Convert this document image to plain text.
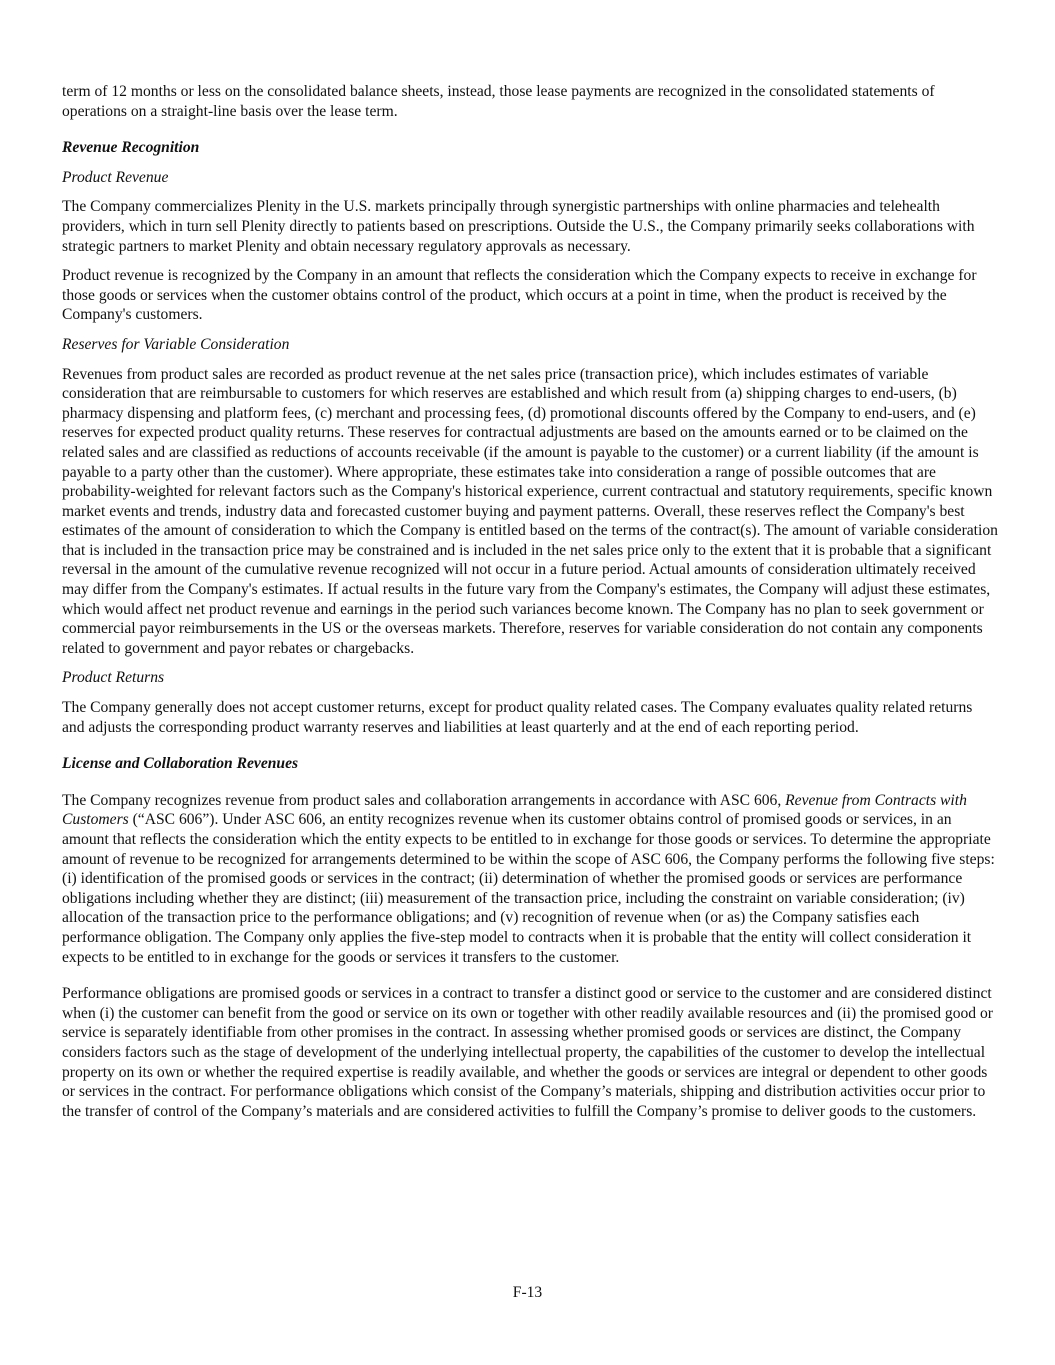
term of 12 months or less on the consolidated balance sheets, instead, those lease payments are recognized in the consolidated statements of operations on a straight-line basis over the lease term.

Revenue Recognition

Product Revenue

The Company commercializes Plenity in the U.S. markets principally through synergistic partnerships with online pharmacies and telehealth providers, which in turn sell Plenity directly to patients based on prescriptions. Outside the U.S., the Company primarily seeks collaborations with strategic partners to market Plenity and obtain necessary regulatory approvals as necessary.

Product revenue is recognized by the Company in an amount that reflects the consideration which the Company expects to receive in exchange for those goods or services when the customer obtains control of the product, which occurs at a point in time, when the product is received by the Company's customers.

Reserves for Variable Consideration

Revenues from product sales are recorded as product revenue at the net sales price (transaction price), which includes estimates of variable consideration that are reimbursable to customers for which reserves are established and which result from (a) shipping charges to end-users, (b) pharmacy dispensing and platform fees, (c) merchant and processing fees, (d) promotional discounts offered by the Company to end-users, and (e) reserves for expected product quality returns. These reserves for contractual adjustments are based on the amounts earned or to be claimed on the related sales and are classified as reductions of accounts receivable (if the amount is payable to the customer) or a current liability (if the amount is payable to a party other than the customer). Where appropriate, these estimates take into consideration a range of possible outcomes that are probability-weighted for relevant factors such as the Company's historical experience, current contractual and statutory requirements, specific known market events and trends, industry data and forecasted customer buying and payment patterns. Overall, these reserves reflect the Company's best estimates of the amount of consideration to which the Company is entitled based on the terms of the contract(s). The amount of variable consideration that is included in the transaction price may be constrained and is included in the net sales price only to the extent that it is probable that a significant reversal in the amount of the cumulative revenue recognized will not occur in a future period. Actual amounts of consideration ultimately received may differ from the Company's estimates. If actual results in the future vary from the Company's estimates, the Company will adjust these estimates, which would affect net product revenue and earnings in the period such variances become known. The Company has no plan to seek government or commercial payor reimbursements in the US or the overseas markets. Therefore, reserves for variable consideration do not contain any components related to government and payor rebates or chargebacks.

Product Returns

The Company generally does not accept customer returns, except for product quality related cases. The Company evaluates quality related returns and adjusts the corresponding product warranty reserves and liabilities at least quarterly and at the end of each reporting period.

License and Collaboration Revenues

The Company recognizes revenue from product sales and collaboration arrangements in accordance with ASC 606, Revenue from Contracts with Customers (“ASC 606”). Under ASC 606, an entity recognizes revenue when its customer obtains control of promised goods or services, in an amount that reflects the consideration which the entity expects to be entitled to in exchange for those goods or services. To determine the appropriate amount of revenue to be recognized for arrangements determined to be within the scope of ASC 606, the Company performs the following five steps: (i) identification of the promised goods or services in the contract; (ii) determination of whether the promised goods or services are performance obligations including whether they are distinct; (iii) measurement of the transaction price, including the constraint on variable consideration; (iv) allocation of the transaction price to the performance obligations; and (v) recognition of revenue when (or as) the Company satisfies each performance obligation. The Company only applies the five-step model to contracts when it is probable that the entity will collect consideration it expects to be entitled to in exchange for the goods or services it transfers to the customer.

Performance obligations are promised goods or services in a contract to transfer a distinct good or service to the customer and are considered distinct when (i) the customer can benefit from the good or service on its own or together with other readily available resources and (ii) the promised good or service is separately identifiable from other promises in the contract. In assessing whether promised goods or services are distinct, the Company considers factors such as the stage of development of the underlying intellectual property, the capabilities of the customer to develop the intellectual property on its own or whether the required expertise is readily available, and whether the goods or services are integral or dependent to other goods or services in the contract. For performance obligations which consist of the Company’s materials, shipping and distribution activities occur prior to the transfer of control of the Company’s materials and are considered activities to fulfill the Company’s promise to deliver goods to the customers.

F-13
